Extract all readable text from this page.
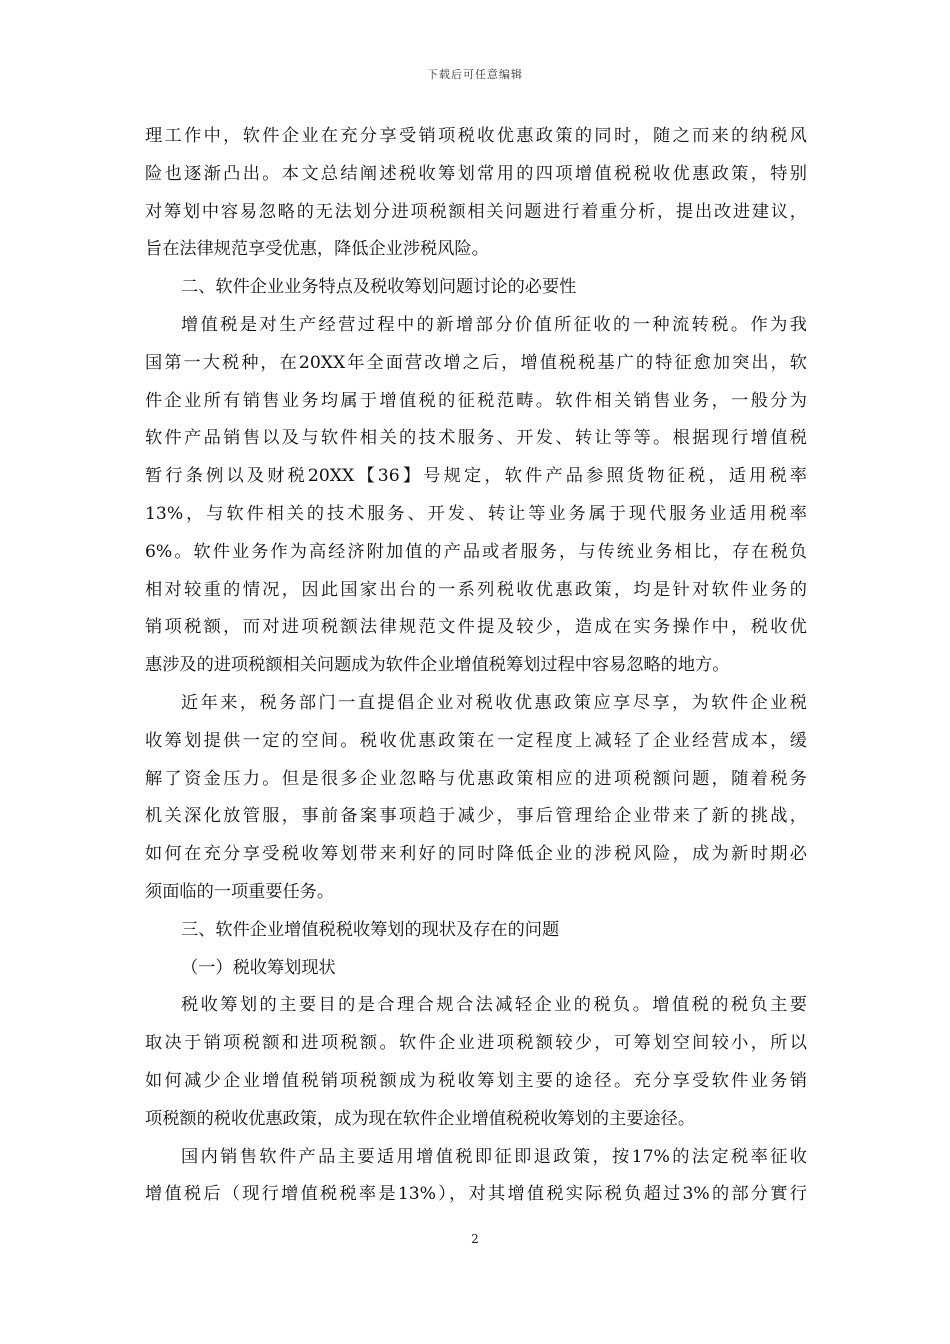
下载后可任意编辑
理工作中，软件企业在充分享受销项税收优惠政策的同时，随之而来的纳税风
险也逐渐凸出。本文总结阐述税收筹划常用的四项增值税税收优惠政策，特别
对筹划中容易忽略的无法划分进项税额相关问题进行着重分析，提出改进建议，
旨在法律规范享受优惠，降低企业涉税风险。
二、软件企业业务特点及税收筹划问题讨论的必要性
增值税是对生产经营过程中的新增部分价值所征收的一种流转税。作为我
国第一大税种，在20XX年全面营改增之后，增值税税基广的特征愈加突出，软
件企业所有销售业务均属于增值税的征税范畴。软件相关销售业务，一般分为
软件产品销售以及与软件相关的技术服务、开发、转让等等。根据现行增值税
暂行条例以及财税20XX【36】号规定，软件产品参照货物征税，适用税率
13%，与软件相关的技术服务、开发、转让等业务属于现代服务业适用税率
6%。软件业务作为高经济附加值的产品或者服务，与传统业务相比，存在税负
相对较重的情况，因此国家出台的一系列税收优惠政策，均是针对软件业务的
销项税额，而对进项税额法律规范文件提及较少，造成在实务操作中，税收优
惠涉及的进项税额相关问题成为软件企业增值税筹划过程中容易忽略的地方。
近年来，税务部门一直提倡企业对税收优惠政策应享尽享，为软件企业税
收筹划提供一定的空间。税收优惠政策在一定程度上减轻了企业经营成本，缓
解了资金压力。但是很多企业忽略与优惠政策相应的进项税额问题，随着税务
机关深化放管服，事前备案事项趋于减少，事后管理给企业带来了新的挑战，
如何在充分享受税收筹划带来利好的同时降低企业的涉税风险，成为新时期必
须面临的一项重要任务。
三、软件企业增值税税收筹划的现状及存在的问题
（一）税收筹划现状
税收筹划的主要目的是合理合规合法减轻企业的税负。增值税的税负主要
取决于销项税额和进项税额。软件企业进项税额较少，可筹划空间较小，所以
如何减少企业增值税销项税额成为税收筹划主要的途径。充分享受软件业务销
项税额的税收优惠政策，成为现在软件企业增值税税收筹划的主要途径。
国内销售软件产品主要适用增值税即征即退政策，按17%的法定税率征收
增值税后（现行增值税税率是13%），对其增值税实际税负超过3%的部分實行
2
